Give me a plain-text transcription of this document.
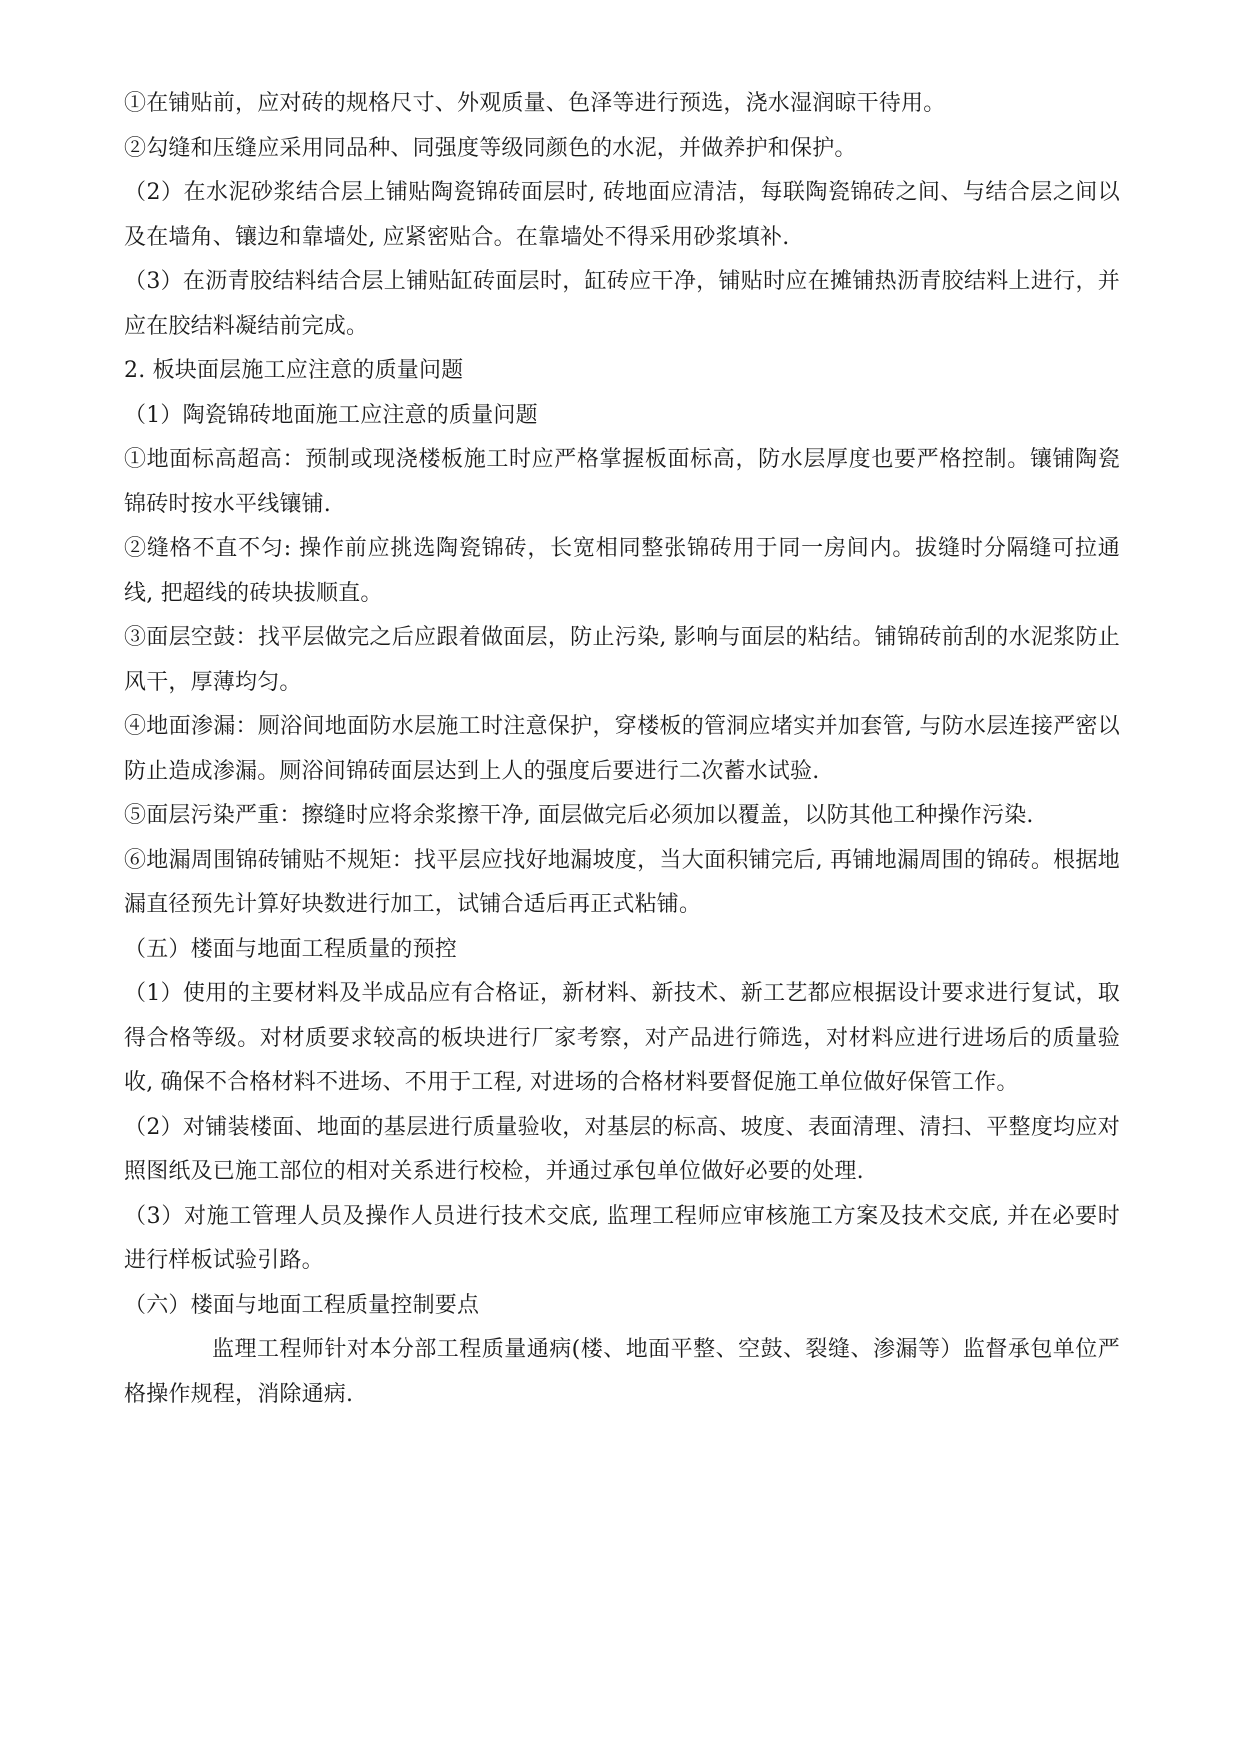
①在铺贴前，应对砖的规格尺寸、外观质量、色泽等进行预选，浇水湿润晾干待用。

②勾缝和压缝应采用同品种、同强度等级同颜色的水泥，并做养护和保护。

（2）在水泥砂浆结合层上铺贴陶瓷锦砖面层时, 砖地面应清洁，每联陶瓷锦砖之间、与结合层之间以及在墙角、镶边和靠墙处, 应紧密贴合。在靠墙处不得采用砂浆填补.

（3）在沥青胶结料结合层上铺贴缸砖面层时，缸砖应干净，铺贴时应在摊铺热沥青胶结料上进行，并应在胶结料凝结前完成。

2. 板块面层施工应注意的质量问题

（1）陶瓷锦砖地面施工应注意的质量问题

①地面标高超高：预制或现浇楼板施工时应严格掌握板面标高，防水层厚度也要严格控制。镶铺陶瓷锦砖时按水平线镶铺.

②缝格不直不匀: 操作前应挑选陶瓷锦砖，长宽相同整张锦砖用于同一房间内。拔缝时分隔缝可拉通线, 把超线的砖块拔顺直。

③面层空鼓：找平层做完之后应跟着做面层，防止污染, 影响与面层的粘结。铺锦砖前刮的水泥浆防止风干，厚薄均匀。

④地面渗漏：厕浴间地面防水层施工时注意保护，穿楼板的管洞应堵实并加套管, 与防水层连接严密以防止造成渗漏。厕浴间锦砖面层达到上人的强度后要进行二次蓄水试验.

⑤面层污染严重：擦缝时应将余浆擦干净, 面层做完后必须加以覆盖，以防其他工种操作污染.

⑥地漏周围锦砖铺贴不规矩：找平层应找好地漏坡度，当大面积铺完后, 再铺地漏周围的锦砖。根据地漏直径预先计算好块数进行加工，试铺合适后再正式粘铺。

（五）楼面与地面工程质量的预控

（1）使用的主要材料及半成品应有合格证，新材料、新技术、新工艺都应根据设计要求进行复试，取得合格等级。对材质要求较高的板块进行厂家考察，对产品进行筛选，对材料应进行进场后的质量验收, 确保不合格材料不进场、不用于工程, 对进场的合格材料要督促施工单位做好保管工作。

（2）对铺装楼面、地面的基层进行质量验收，对基层的标高、坡度、表面清理、清扫、平整度均应对照图纸及已施工部位的相对关系进行校检，并通过承包单位做好必要的处理.

（3）对施工管理人员及操作人员进行技术交底, 监理工程师应审核施工方案及技术交底, 并在必要时进行样板试验引路。

（六）楼面与地面工程质量控制要点

监理工程师针对本分部工程质量通病(楼、地面平整、空鼓、裂缝、渗漏等）监督承包单位严格操作规程，消除通病.
